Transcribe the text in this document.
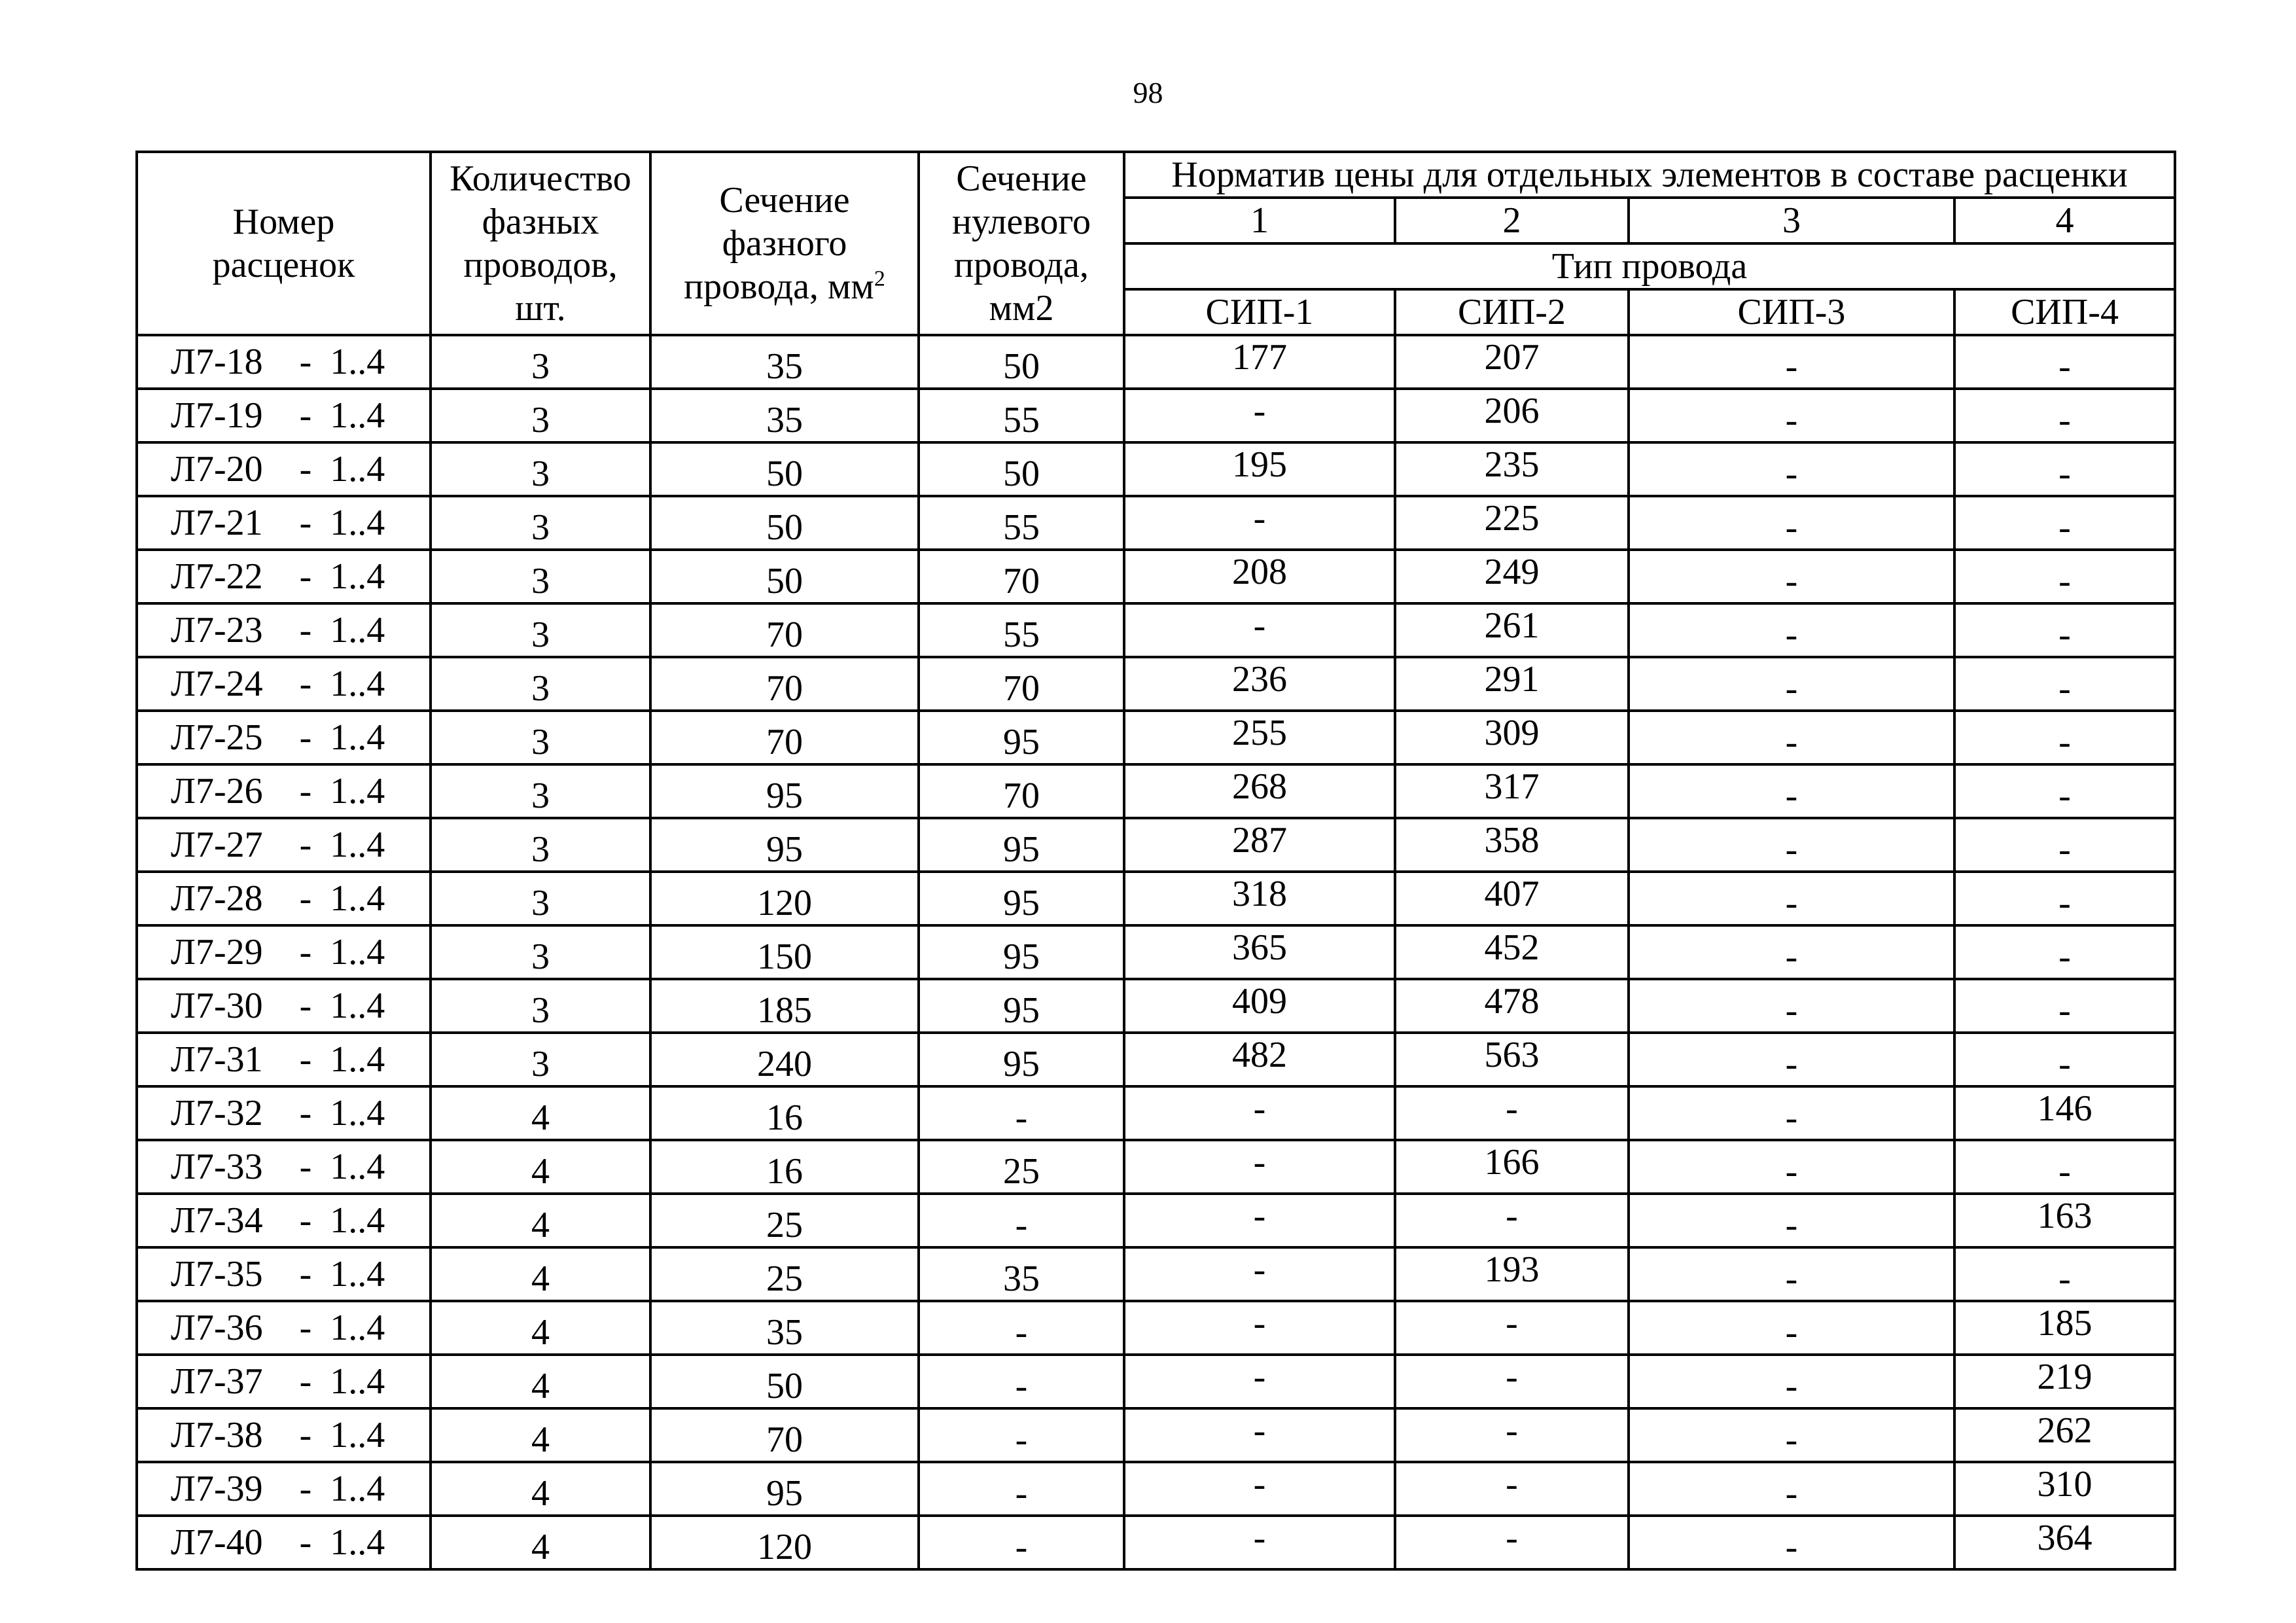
98
Номер расценок	Количество фазных проводов, шт.	Сечение фазного провода, $мм^2$	Сечение нулевого провода, мм2	Норматив цены для отдельных элементов в составе расценки			
				1	2	3	4
				Тип провода			
				СИП-1	СИП-2	СИП-3	СИП-4
Л7-18    -  1..4	3	35	50	177	207	-	-
Л7-19    -  1..4	3	35	55	-	206	-	-
Л7-20    -  1..4	3	50	50	195	235	-	-
Л7-21    -  1..4	3	50	55	-	225	-	-
Л7-22    -  1..4	3	50	70	208	249	-	-
Л7-23    -  1..4	3	70	55	-	261	-	-
Л7-24    -  1..4	3	70	70	236	291	-	-
Л7-25    -  1..4	3	70	95	255	309	-	-
Л7-26    -  1..4	3	95	70	268	317	-	-
Л7-27    -  1..4	3	95	95	287	358	-	-
Л7-28    -  1..4	3	120	95	318	407	-	-
Л7-29    -  1..4	3	150	95	365	452	-	-
Л7-30    -  1..4	3	185	95	409	478	-	-
Л7-31    -  1..4	3	240	95	482	563	-	-
Л7-32    -  1..4	4	16	-	-	-	-	146
Л7-33    -  1..4	4	16	25	-	166	-	-
Л7-34    -  1..4	4	25	-	-	-	-	163
Л7-35    -  1..4	4	25	35	-	193	-	-
Л7-36    -  1..4	4	35	-	-	-	-	185
Л7-37    -  1..4	4	50	-	-	-	-	219
Л7-38    -  1..4	4	70	-	-	-	-	262
Л7-39    -  1..4	4	95	-	-	-	-	310
Л7-40    -  1..4	4	120	-	-	-	-	364
